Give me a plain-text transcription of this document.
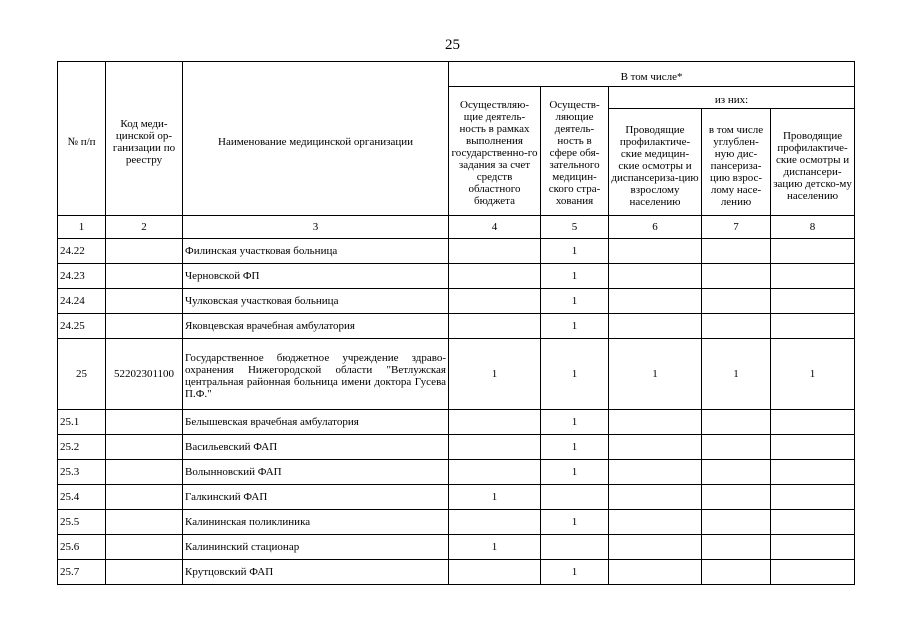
25
№ п/п	Код меди-цинской ор-ганизации по реестру	Наименование медицинской организации	В том числе*				
			Осуществляю-щие деятель-ность в рамках выполнения государственно-го задания за счет средств областного бюджета	Осуществ-ляющие деятель-ность в сфере обя-зательного медицин-ского стра-хования	из них:		
					Проводящие профилактиче-ские медицин-ские осмотры и диспансериза-цию взрослому населению	в том числе углублен-ную дис-пансериза-цию взрос-лому насе-лению	Проводящие профилактиче-ские осмотры и диспансери-зацию детско-му населению
1	2	3	4	5	6	7	8
24.22		Филинская участковая больница		1			
24.23		Черновской ФП		1			
24.24		Чулковская участковая больница		1			
24.25		Яковцевская врачебная амбулатория		1			
25	52202301100	Государственное бюджетное учреждение здраво-охранения Нижегородской области "Ветлужская центральная районная больница имени доктора Гусева П.Ф."	1	1	1	1	1
25.1		Белышевская врачебная амбулатория		1			
25.2		Васильевский ФАП		1			
25.3		Волынновский ФАП		1			
25.4		Галкинский ФАП	1				
25.5		Калининская поликлиника		1			
25.6		Калининский стационар	1				
25.7		Крутцовский ФАП		1			
